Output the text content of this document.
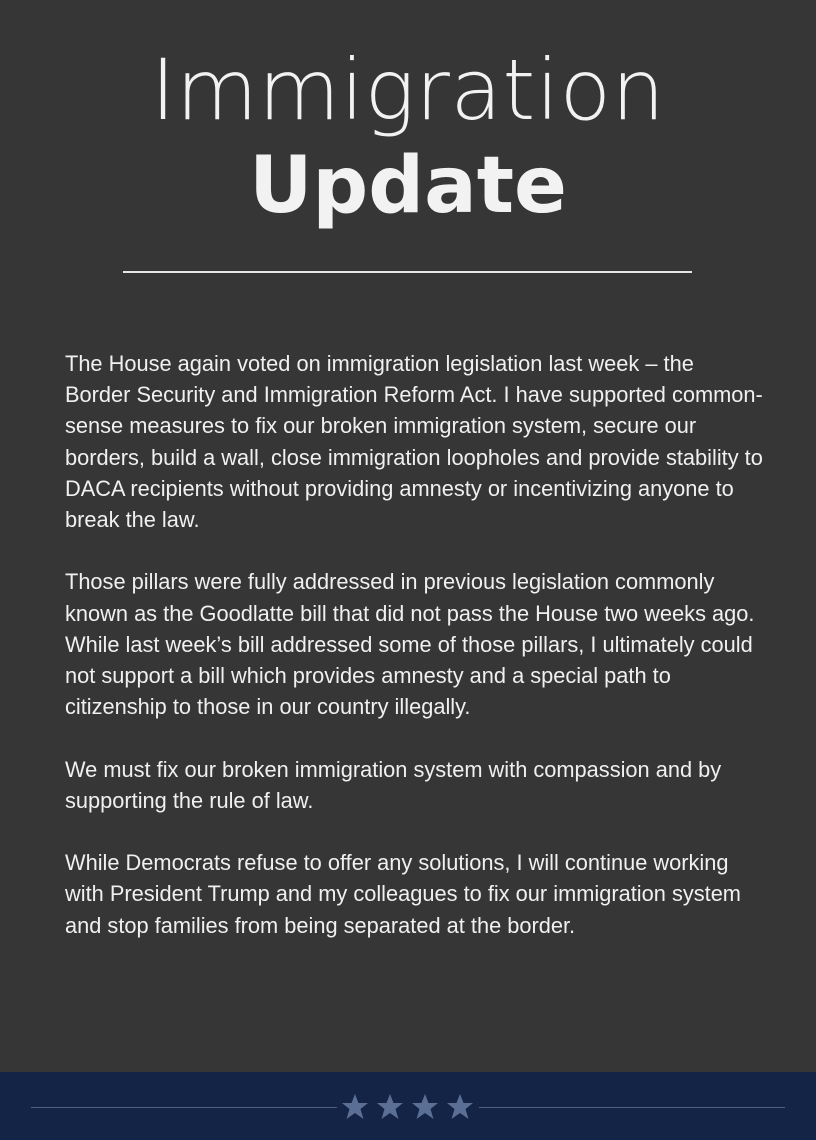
Immigration
Update

The House again voted on immigration legislation last week – the Border Security and Immigration Reform Act. I have supported common-sense measures to fix our broken immigration system, secure our borders, build a wall, close immigration loopholes and provide stability to DACA recipients without providing amnesty or incentivizing anyone to break the law.

Those pillars were fully addressed in previous legislation commonly known as the Goodlatte bill that did not pass the House two weeks ago. While last week’s bill addressed some of those pillars, I ultimately could not support a bill which provides amnesty and a special path to citizenship to those in our country illegally.

We must fix our broken immigration system with compassion and by supporting the rule of law.

While Democrats refuse to offer any solutions, I will continue working with President Trump and my colleagues to fix our immigration system and stop families from being separated at the border.
